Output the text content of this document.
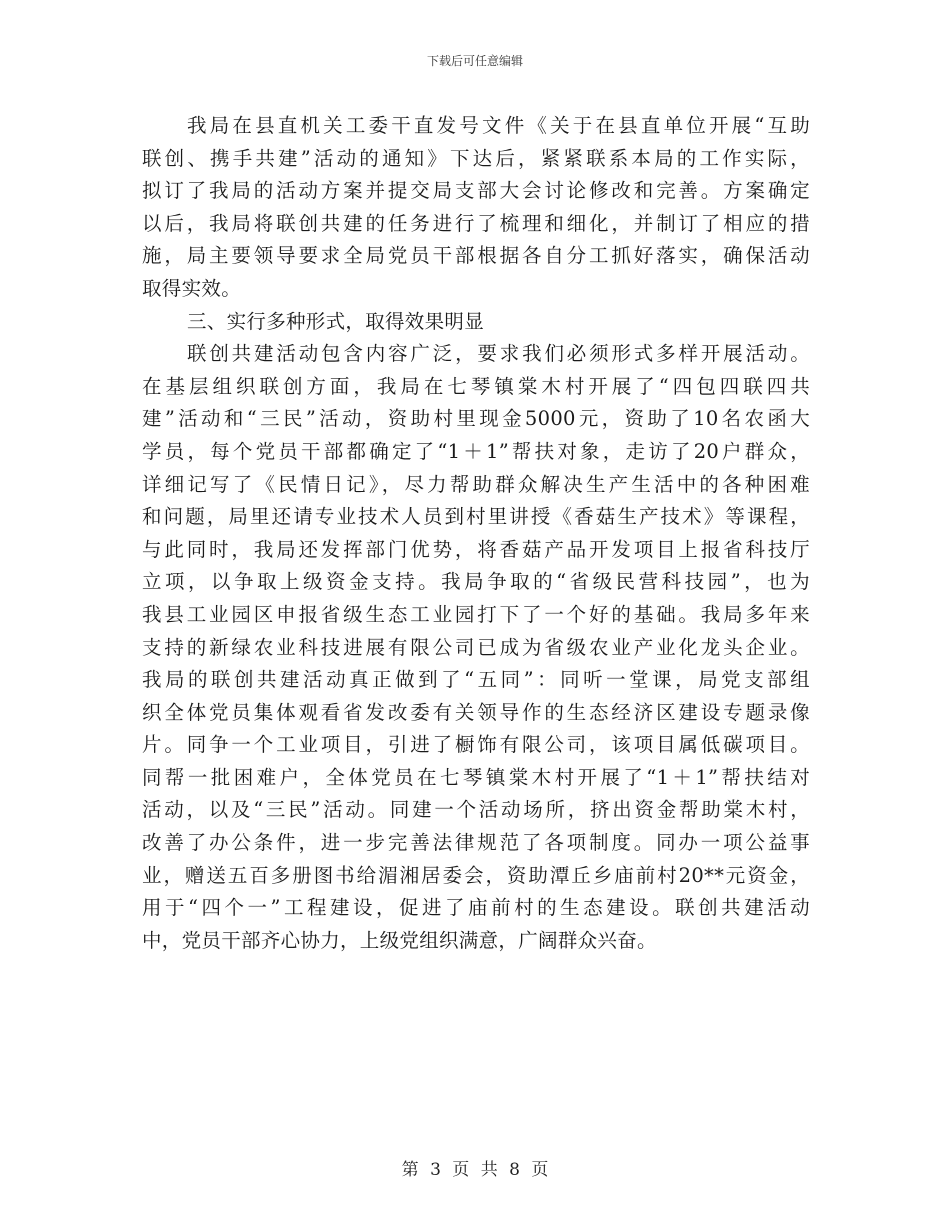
下载后可任意编辑
我局在县直机关工委干直发号文件《关于在县直单位开展“互助
联创、携手共建”活动的通知》下达后，紧紧联系本局的工作实际，
拟订了我局的活动方案并提交局支部大会讨论修改和完善。方案确定
以后，我局将联创共建的任务进行了梳理和细化，并制订了相应的措
施，局主要领导要求全局党员干部根据各自分工抓好落实，确保活动
取得实效。
三、实行多种形式，取得效果明显
联创共建活动包含内容广泛，要求我们必须形式多样开展活动。
在基层组织联创方面，我局在七琴镇棠木村开展了“四包四联四共
建”活动和“三民”活动，资助村里现金5000元，资助了10名农函大
学员，每个党员干部都确定了“1＋1”帮扶对象，走访了20户群众，
详细记写了《民情日记》，尽力帮助群众解决生产生活中的各种困难
和问题，局里还请专业技术人员到村里讲授《香菇生产技术》等课程，
与此同时，我局还发挥部门优势，将香菇产品开发项目上报省科技厅
立项，以争取上级资金支持。我局争取的“省级民营科技园”，也为
我县工业园区申报省级生态工业园打下了一个好的基础。我局多年来
支持的新绿农业科技进展有限公司已成为省级农业产业化龙头企业。
我局的联创共建活动真正做到了“五同”：同听一堂课，局党支部组
织全体党员集体观看省发改委有关领导作的生态经济区建设专题录像
片。同争一个工业项目，引进了橱饰有限公司，该项目属低碳项目。
同帮一批困难户，全体党员在七琴镇棠木村开展了“1＋1”帮扶结对
活动，以及“三民”活动。同建一个活动场所，挤出资金帮助棠木村，
改善了办公条件，进一步完善法律规范了各项制度。同办一项公益事
业，赠送五百多册图书给湄湘居委会，资助潭丘乡庙前村20**元资金，
用于“四个一”工程建设，促进了庙前村的生态建设。联创共建活动
中，党员干部齐心协力，上级党组织满意，广阔群众兴奋。
第 3 页 共 8 页
